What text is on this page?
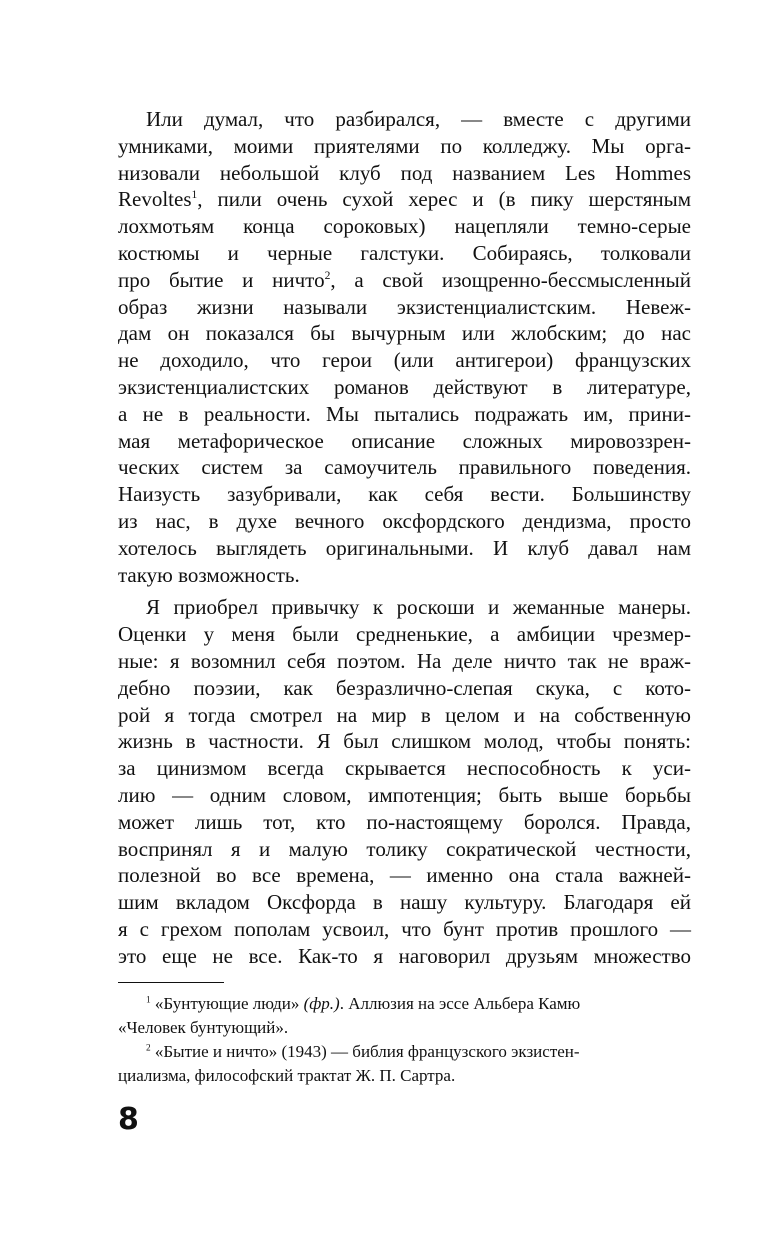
Или думал, что разбирался, — вместе с другими
умниками, моими приятелями по колледжу. Мы орга-
низовали небольшой клуб под названием Les Hommes
Revoltes$^1$, пили очень сухой херес и (в пику шерстяным
лохмотьям конца сороковых) нацепляли темно-серые
костюмы и черные галстуки. Собираясь, толковали
про бытие и ничто$^2$, а свой изощренно-бессмысленный
образ жизни называли экзистенциалистским. Невеж-
дам он показался бы вычурным или жлобским; до нас
не доходило, что герои (или антигерои) французских
экзистенциалистских романов действуют в литературе,
а не в реальности. Мы пытались подражать им, прини-
мая метафорическое описание сложных мировоззрен-
ческих систем за самоучитель правильного поведения.
Наизусть зазубривали, как себя вести. Большинству
из нас, в духе вечного оксфордского дендизма, просто
хотелось выглядеть оригинальными. И клуб давал нам
такую возможность.
Я приобрел привычку к роскоши и жеманные манеры.
Оценки у меня были средненькие, а амбиции чрезмер-
ные: я возомнил себя поэтом. На деле ничто так не враж-
дебно поэзии, как безразлично-слепая скука, с кото-
рой я тогда смотрел на мир в целом и на собственную
жизнь в частности. Я был слишком молод, чтобы понять:
за цинизмом всегда скрывается неспособность к уси-
лию — одним словом, импотенция; быть выше борьбы
может лишь тот, кто по-настоящему боролся. Правда,
воспринял я и малую толику сократической честности,
полезной во все времена, — именно она стала важней-
шим вкладом Оксфорда в нашу культуру. Благодаря ей
я с грехом пополам усвоил, что бунт против прошлого —
это еще не все. Как-то я наговорил друзьям множество
$^1$ «Бунтующие люди» (фр.). Аллюзия на эссе Альбера Камю
«Человек бунтующий».
$^2$ «Бытие и ничто» (1943) — библия французского экзистен-
циализма, философский трактат Ж. П. Сартра.
8
